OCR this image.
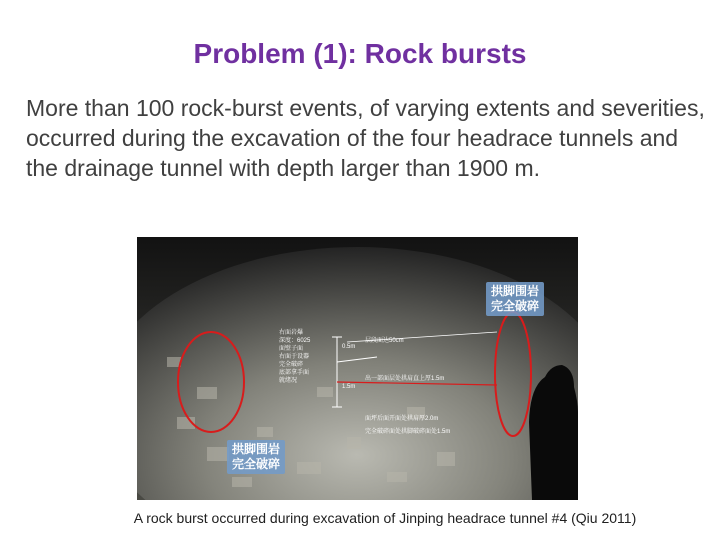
Problem (1): Rock bursts
More than 100 rock-burst events, of varying extents and severities, occurred during the excavation of the four headrace tunnels and the drainage tunnel with depth larger than 1900 m.
拱脚围岩
完全破碎
拱脚围岩
完全破碎
0.5m
1.5m
右面岩爆
深度：6025
面壁子面
右面于设器
完全破碎
底部拿手面
就绪况
层段面达50cm
出一部面层处拱肩直上厚1.5m
面坪后面开面处拱肩厚2.0m
完全破碎面处拱脚破碎面处1.5m
A rock burst occurred during excavation of Jinping headrace tunnel #4 (Qiu 2011)
